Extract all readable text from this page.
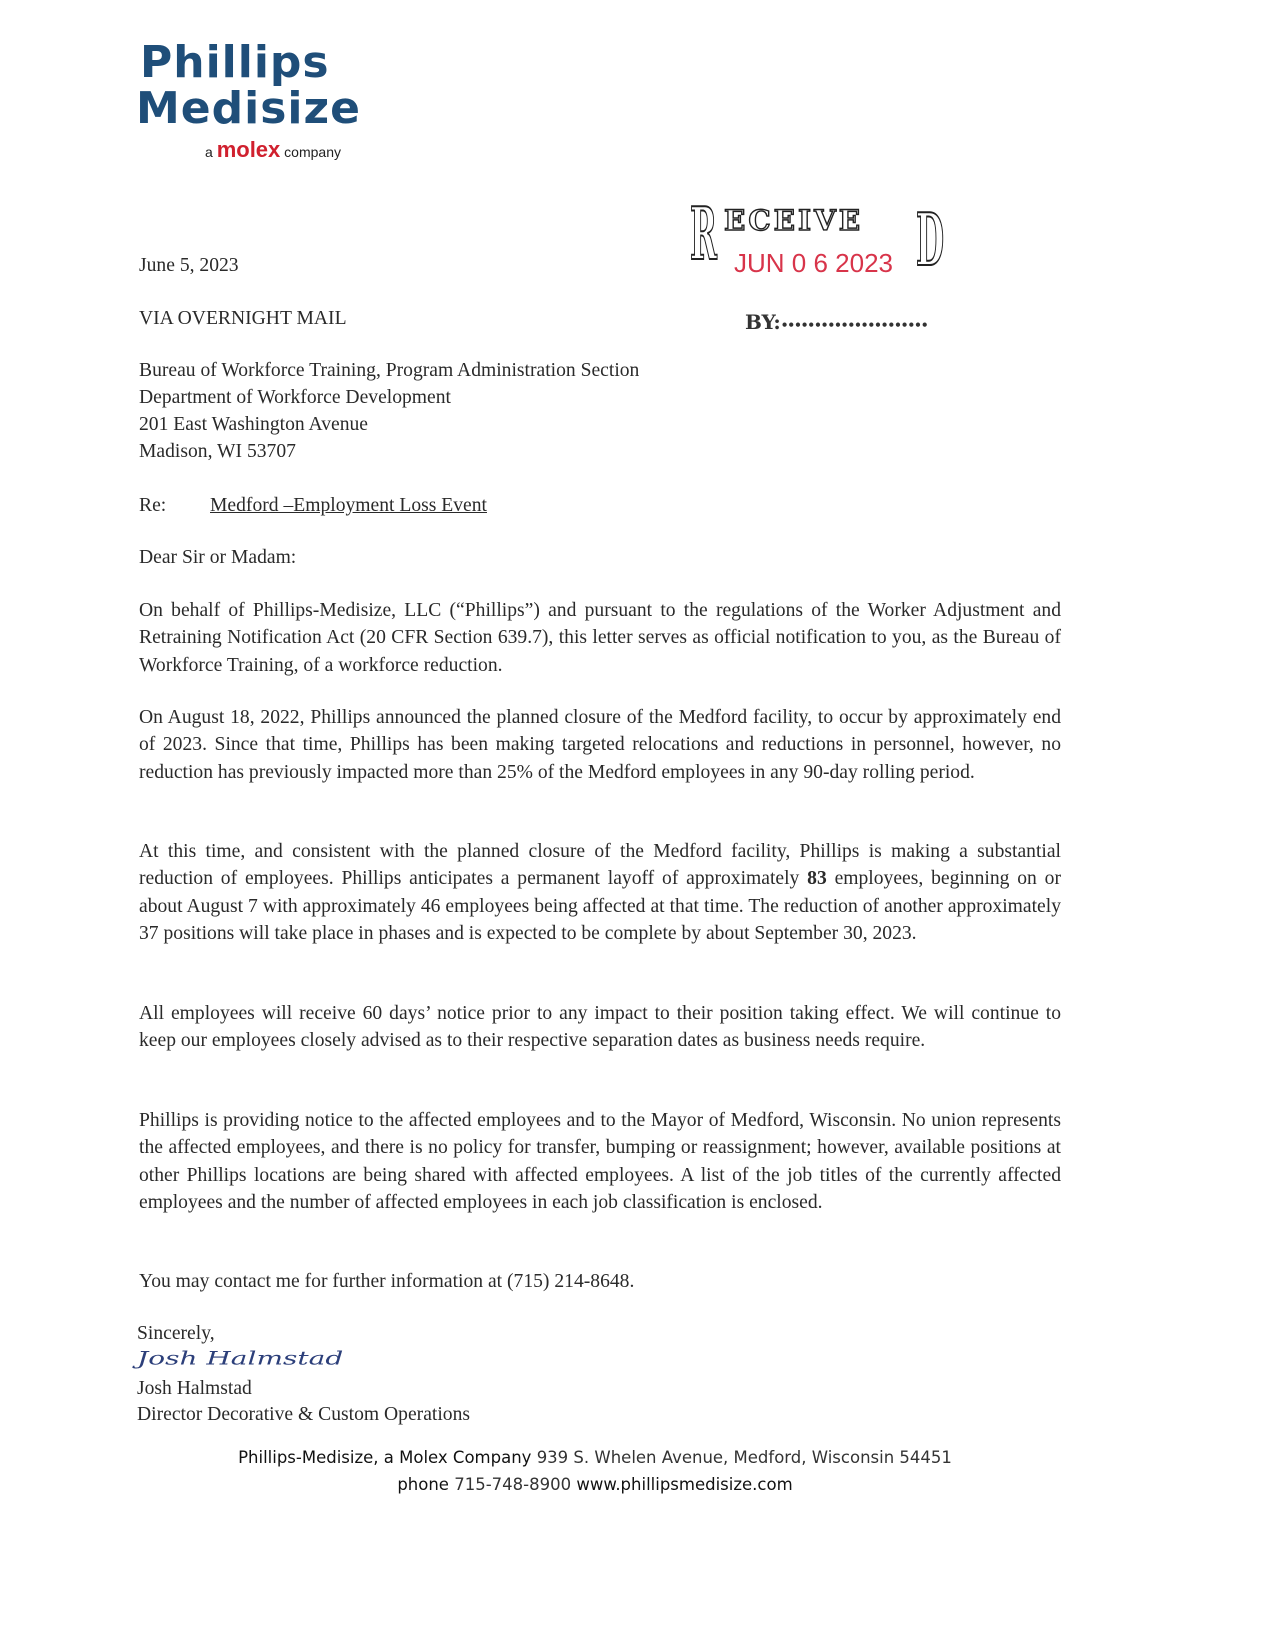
Phillips
Medisize
a molex company
R ECEIVE D
JUN 0 6 2023
BY:••••••••••••••••••••••
June 5, 2023
VIA OVERNIGHT MAIL
Bureau of Workforce Training, Program Administration Section
Department of Workforce Development
201 East Washington Avenue
Madison, WI 53707
Re: Medford –Employment Loss Event
Dear Sir or Madam:

On behalf of Phillips-Medisize, LLC (“Phillips”) and pursuant to the regulations of the Worker Adjustment and Retraining Notification Act (20 CFR Section 639.7), this letter serves as official notification to you, as the Bureau of Workforce Training, of a workforce reduction.

On August 18, 2022, Phillips announced the planned closure of the Medford facility, to occur by approximately end of 2023. Since that time, Phillips has been making targeted relocations and reductions in personnel, however, no reduction has previously impacted more than 25% of the Medford employees in any 90-day rolling period.

At this time, and consistent with the planned closure of the Medford facility, Phillips is making a substantial reduction of employees. Phillips anticipates a permanent layoff of approximately 83 employees, beginning on or about August 7 with approximately 46 employees being affected at that time. The reduction of another approximately 37 positions will take place in phases and is expected to be complete by about September 30, 2023.

All employees will receive 60 days’ notice prior to any impact to their position taking effect. We will continue to keep our employees closely advised as to their respective separation dates as business needs require.

Phillips is providing notice to the affected employees and to the Mayor of Medford, Wisconsin. No union represents the affected employees, and there is no policy for transfer, bumping or reassignment; however, available positions at other Phillips locations are being shared with affected employees. A list of the job titles of the currently affected employees and the number of affected employees in each job classification is enclosed.

You may contact me for further information at (715) 214-8648.
Sincerely,
Josh Halmstad
Josh Halmstad
Director Decorative & Custom Operations
Phillips-Medisize, a Molex Company 939 S. Whelen Avenue, Medford, Wisconsin 54451
phone 715-748-8900 www.phillipsmedisize.com
